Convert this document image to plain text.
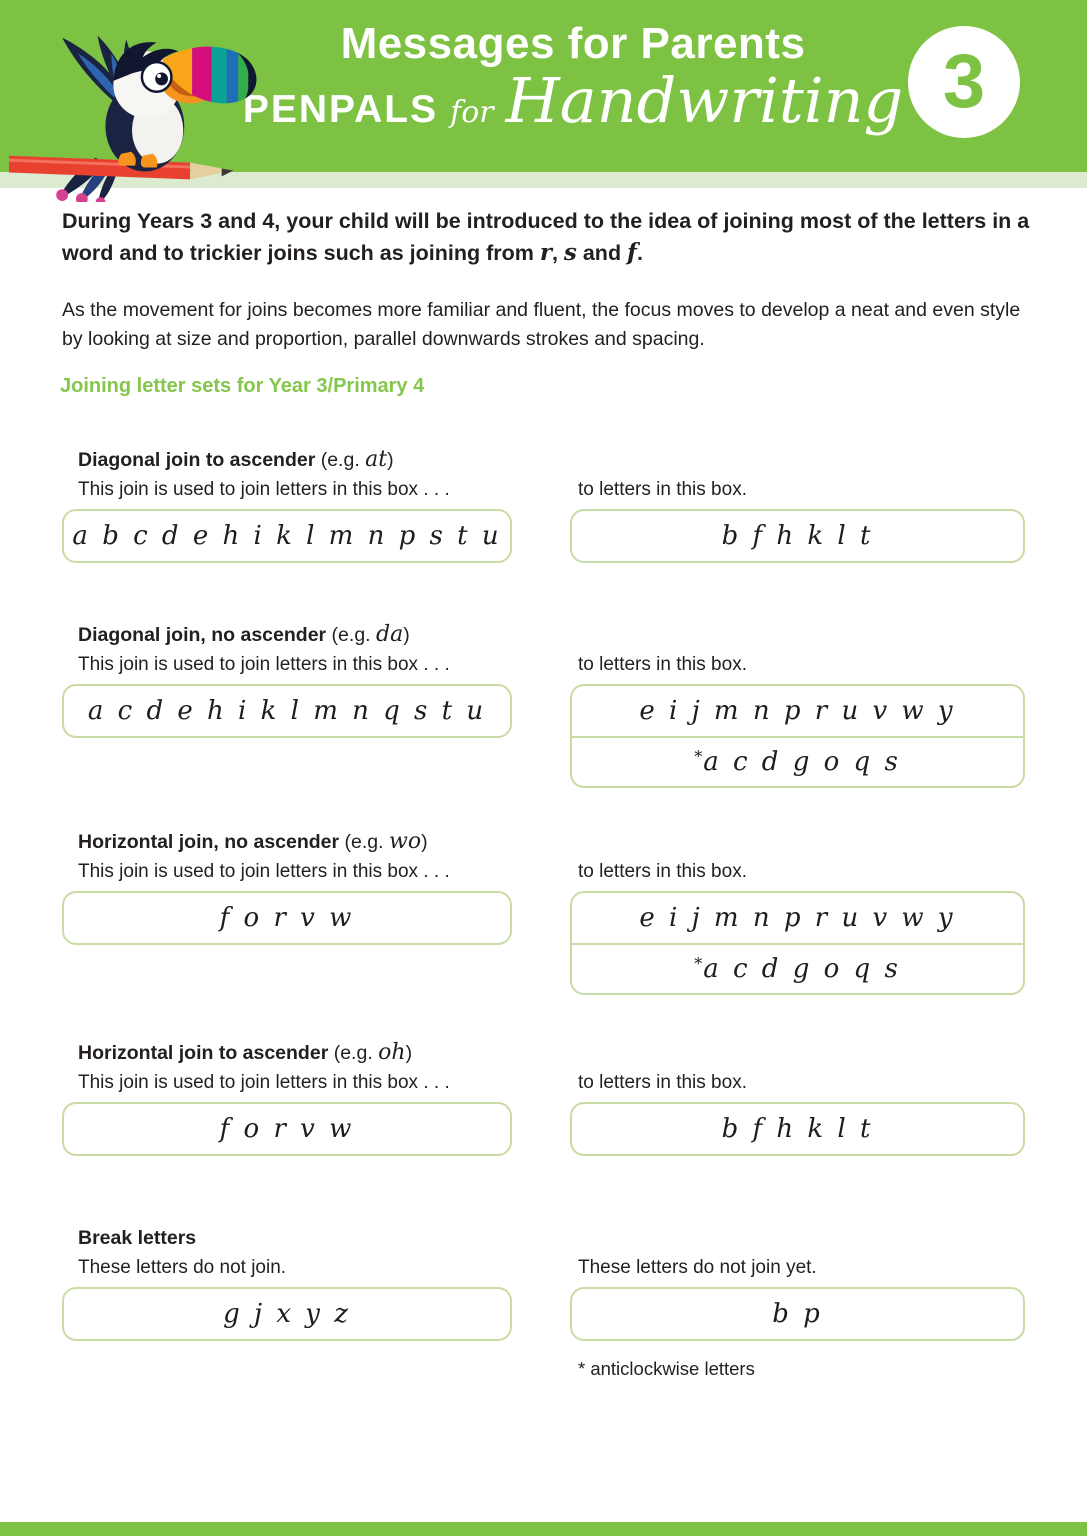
Messages for Parents
PENPALS for Handwriting 3

During Years 3 and 4, your child will be introduced to the idea of joining most of the letters in a word and to trickier joins such as joining from r, s and f.

As the movement for joins becomes more familiar and fluent, the focus moves to develop a neat and even style by looking at size and proportion, parallel downwards strokes and spacing.

Joining letter sets for Year 3/Primary 4
Diagonal join to ascender (e.g. at)
This join is used to join letters in this box . . .	to letters in this box.
a b c d e h i k l m n p s t u	b f h k l t
Diagonal join, no ascender (e.g. da)
This join is used to join letters in this box . . .	to letters in this box.
a c d e h i k l m n q s t u	e i j m n p r u v w y
*a c d g o q s
Horizontal join, no ascender (e.g. wo)
This join is used to join letters in this box . . .	to letters in this box.
f o r v w	e i j m n p r u v w y
*a c d g o q s
Horizontal join to ascender (e.g. oh)
This join is used to join letters in this box . . .	to letters in this box.
f o r v w	b f h k l t
Break letters
These letters do not join.	These letters do not join yet.
g j x y z	b p
* anticlockwise letters
